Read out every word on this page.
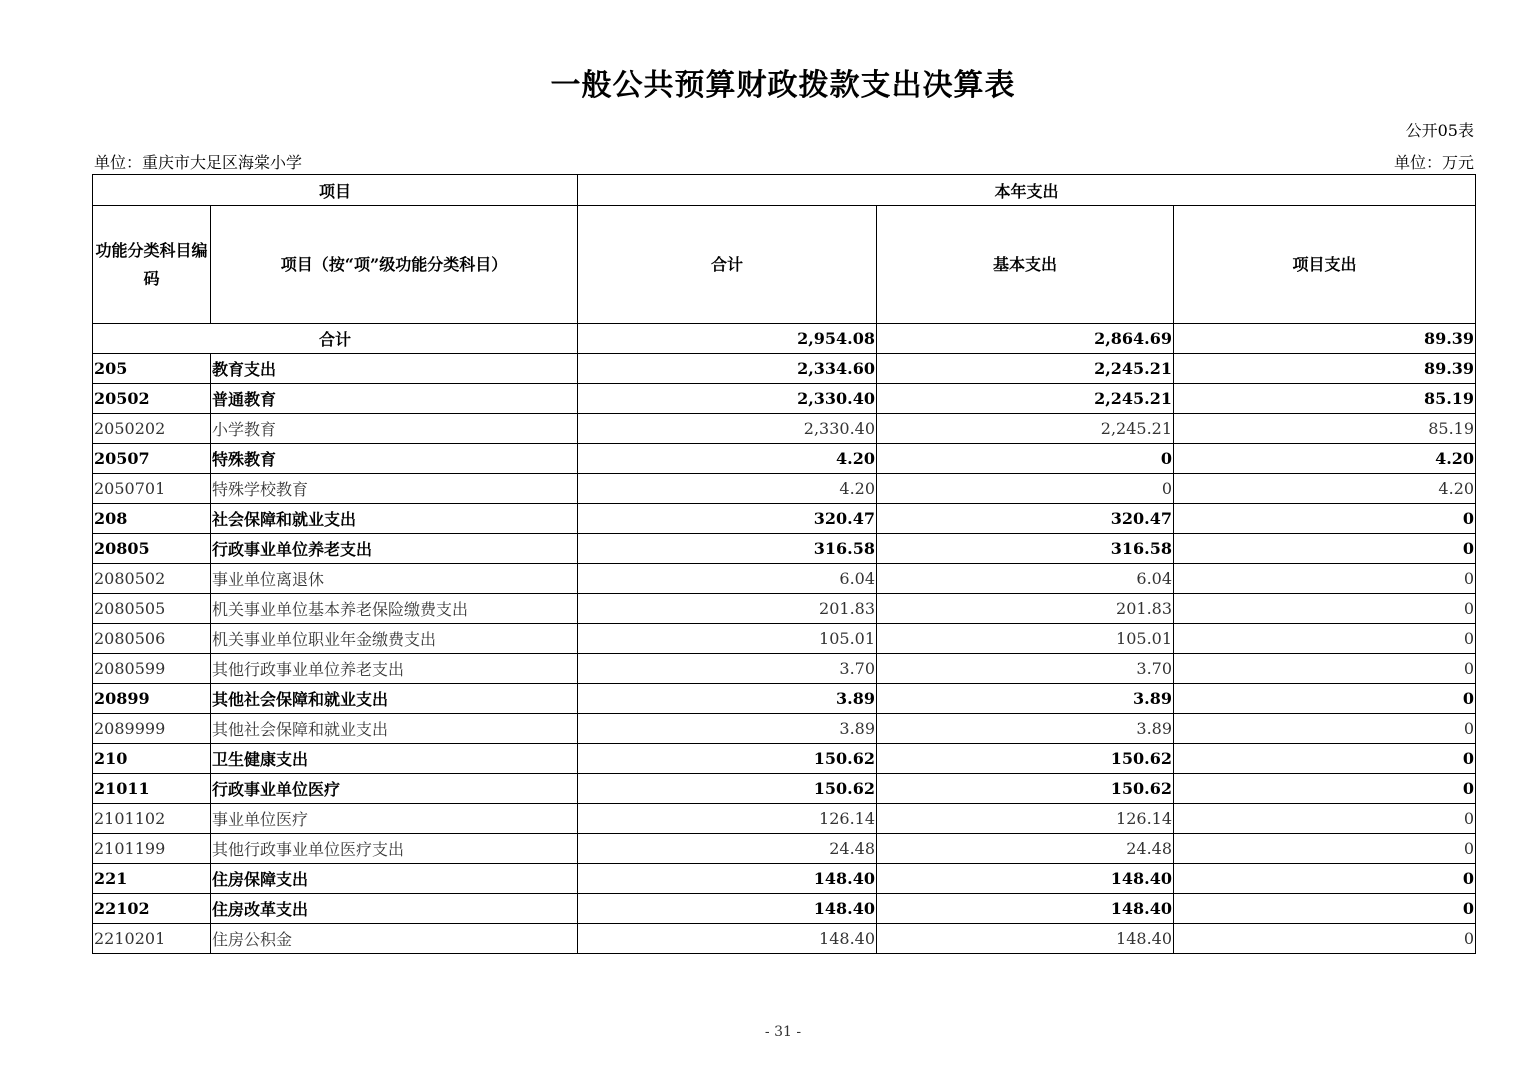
一般公共预算财政拨款支出决算表
公开05表
单位：重庆市大足区海棠小学	单位：万元
项目		本年支出		
功能分类科目编码	项目（按“项”级功能分类科目）	合计	基本支出	项目支出
合计		2,954.08	2,864.69	89.39
205	教育支出	2,334.60	2,245.21	89.39
20502	普通教育	2,330.40	2,245.21	85.19
2050202	小学教育	2,330.40	2,245.21	85.19
20507	特殊教育	4.20	0	4.20
2050701	特殊学校教育	4.20	0	4.20
208	社会保障和就业支出	320.47	320.47	0
20805	行政事业单位养老支出	316.58	316.58	0
2080502	事业单位离退休	6.04	6.04	0
2080505	机关事业单位基本养老保险缴费支出	201.83	201.83	0
2080506	机关事业单位职业年金缴费支出	105.01	105.01	0
2080599	其他行政事业单位养老支出	3.70	3.70	0
20899	其他社会保障和就业支出	3.89	3.89	0
2089999	其他社会保障和就业支出	3.89	3.89	0
210	卫生健康支出	150.62	150.62	0
21011	行政事业单位医疗	150.62	150.62	0
2101102	事业单位医疗	126.14	126.14	0
2101199	其他行政事业单位医疗支出	24.48	24.48	0
221	住房保障支出	148.40	148.40	0
22102	住房改革支出	148.40	148.40	0
2210201	住房公积金	148.40	148.40	0
- 31 -
